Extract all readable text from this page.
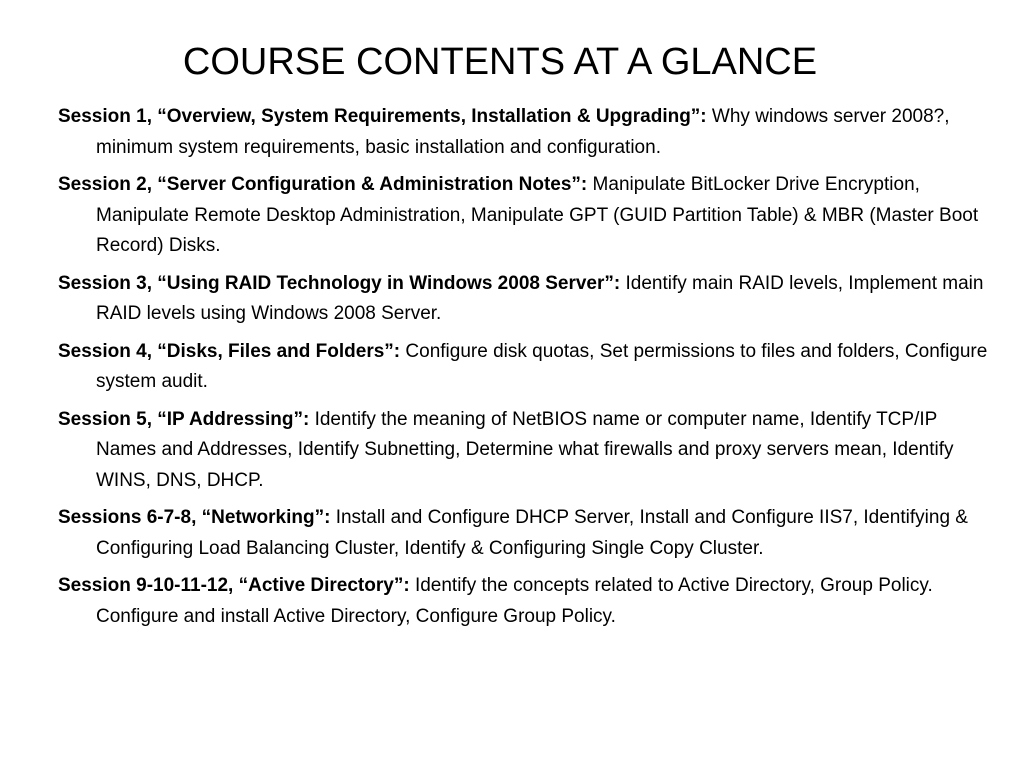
COURSE CONTENTS AT A GLANCE
Session 1, “Overview, System Requirements, Installation & Upgrading”: Why windows server 2008?, minimum system requirements, basic installation and configuration.
Session 2, “Server Configuration & Administration Notes”: Manipulate BitLocker Drive Encryption, Manipulate Remote Desktop Administration, Manipulate GPT (GUID Partition Table) & MBR (Master Boot Record) Disks.
Session 3, “Using RAID Technology in Windows 2008 Server”: Identify main RAID levels, Implement main RAID levels using Windows 2008 Server.
Session 4, “Disks, Files and Folders”: Configure disk quotas, Set permissions to files and folders, Configure system audit.
Session 5, “IP Addressing”: Identify the meaning of NetBIOS name or computer name, Identify TCP/IP Names and Addresses, Identify Subnetting, Determine what firewalls and proxy servers mean, Identify WINS, DNS, DHCP.
Sessions 6-7-8, “Networking”: Install and Configure DHCP Server, Install and Configure IIS7, Identifying & Configuring Load Balancing Cluster, Identify & Configuring Single Copy Cluster.
Session 9-10-11-12, “Active Directory”: Identify the concepts related to Active Directory, Group Policy. Configure and install Active Directory, Configure Group Policy.
